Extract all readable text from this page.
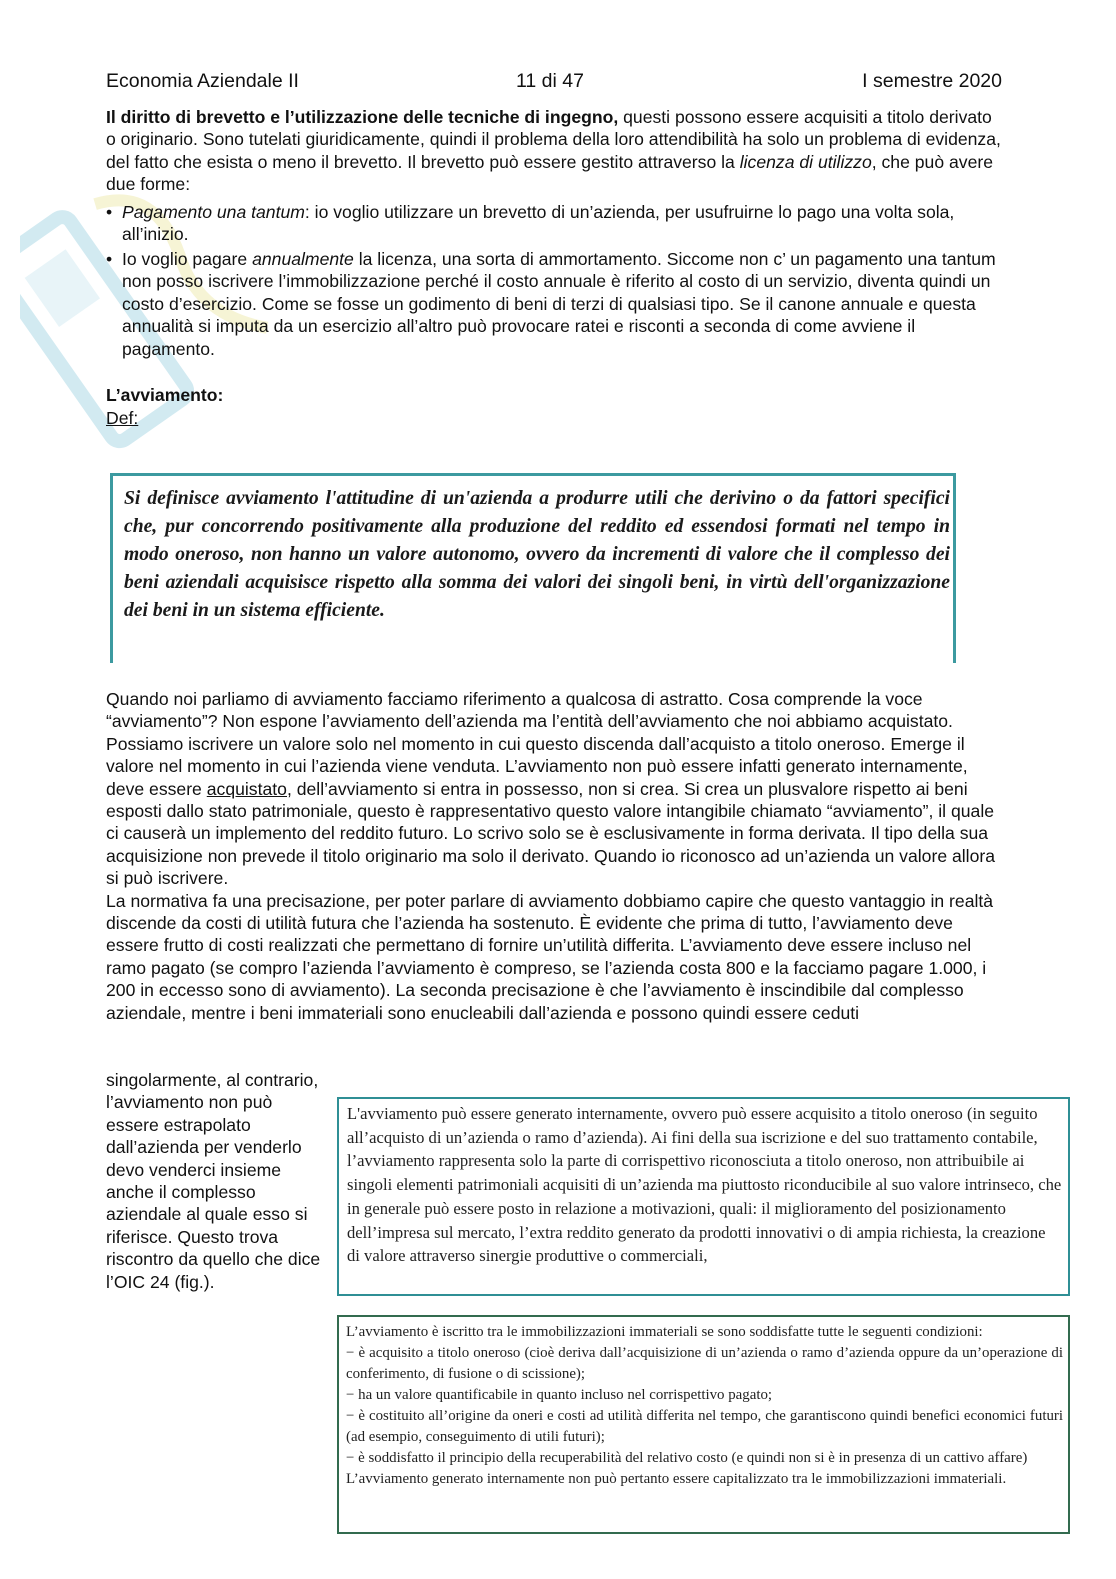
Economia Aziendale II	11 di 47	I semestre 2020
Il diritto di brevetto e l’utilizzazione delle tecniche di ingegno, questi possono essere acquisiti a titolo derivato o originario. Sono tutelati giuridicamente, quindi il problema della loro attendibilità ha solo un problema di evidenza, del fatto che esista o meno il brevetto. Il brevetto può essere gestito attraverso la licenza di utilizzo, che può avere due forme:
• Pagamento una tantum: io voglio utilizzare un brevetto di un’azienda, per usufruirne lo pago una volta sola, all’inizio.
• Io voglio pagare annualmente la licenza, una sorta di ammortamento. Siccome non c’ un pagamento una tantum non posso iscrivere l’immobilizzazione perché il costo annuale è riferito al costo di un servizio, diventa quindi un costo d’esercizio. Come se fosse un godimento di beni di terzi di qualsiasi tipo. Se il canone annuale e questa annualità si imputa da un esercizio all’altro può provocare ratei e risconti a seconda di come avviene il pagamento.
L’avviamento:
Def:

Si definisce avviamento l'attitudine di un'azienda a produrre utili che derivino o da fattori specifici che, pur concorrendo positivamente alla produzione del reddito ed essendosi formati nel tempo in modo oneroso, non hanno un valore autonomo, ovvero da incrementi di valore che il complesso dei beni aziendali acquisisce rispetto alla somma dei valori dei singoli beni, in virtù dell'organizzazione dei beni in un sistema efficiente.

Quando noi parliamo di avviamento facciamo riferimento a qualcosa di astratto. Cosa comprende la voce “avviamento”? Non espone l’avviamento dell’azienda ma l’entità dell’avviamento che noi abbiamo acquistato. Possiamo iscrivere un valore solo nel momento in cui questo discenda dall’acquisto a titolo oneroso. Emerge il valore nel momento in cui l’azienda viene venduta. L’avviamento non può essere infatti generato internamente, deve essere acquistato, dell’avviamento si entra in possesso, non si crea. Si crea un plusvalore rispetto ai beni esposti dallo stato patrimoniale, questo è rappresentativo questo valore intangibile chiamato “avviamento”, il quale ci causerà un implemento del reddito futuro. Lo scrivo solo se è esclusivamente in forma derivata. Il tipo della sua acquisizione non prevede il titolo originario ma solo il derivato. Quando io riconosco ad un’azienda un valore allora si può iscrivere.
La normativa fa una precisazione, per poter parlare di avviamento dobbiamo capire che questo vantaggio in realtà discende da costi di utilità futura che l’azienda ha sostenuto. È evidente che prima di tutto, l’avviamento deve essere frutto di costi realizzati che permettano di fornire un’utilità differita. L’avviamento deve essere incluso nel ramo pagato (se compro l’azienda l’avviamento è compreso, se l’azienda costa 800 e la facciamo pagare 1.000, i 200 in eccesso sono di avviamento). La seconda precisazione è che l’avviamento è inscindibile dal complesso aziendale, mentre i beni immateriali sono enucleabili dall’azienda e possono quindi essere ceduti
singolarmente, al contrario, l’avviamento non può essere estrapolato dall’azienda per venderlo devo venderci insieme anche il complesso aziendale al quale esso si riferisce. Questo trova riscontro da quello che dice l’OIC 24 (fig.).

L'avviamento può essere generato internamente, ovvero può essere acquisito a titolo oneroso (in seguito all’acquisto di un’azienda o ramo d’azienda). Ai fini della sua iscrizione e del suo trattamento contabile, l’avviamento rappresenta solo la parte di corrispettivo riconosciuta a titolo oneroso, non attribuibile ai singoli elementi patrimoniali acquisiti di un’azienda ma piuttosto riconducibile al suo valore intrinseco, che in generale può essere posto in relazione a motivazioni, quali: il miglioramento del posizionamento dell’impresa sul mercato, l’extra reddito generato da prodotti innovativi o di ampia richiesta, la creazione di valore attraverso sinergie produttive o commerciali,

L’avviamento è iscritto tra le immobilizzazioni immateriali se sono soddisfatte tutte le seguenti condizioni:
− è acquisito a titolo oneroso (cioè deriva dall’acquisizione di un’azienda o ramo d’azienda oppure da un’operazione di conferimento, di fusione o di scissione);
− ha un valore quantificabile in quanto incluso nel corrispettivo pagato;
− è costituito all’origine da oneri e costi ad utilità differita nel tempo, che garantiscono quindi benefici economici futuri (ad esempio, conseguimento di utili futuri);
− è soddisfatto il principio della recuperabilità del relativo costo (e quindi non si è in presenza di un cattivo affare)
L’avviamento generato internamente non può pertanto essere capitalizzato tra le immobilizzazioni immateriali.
